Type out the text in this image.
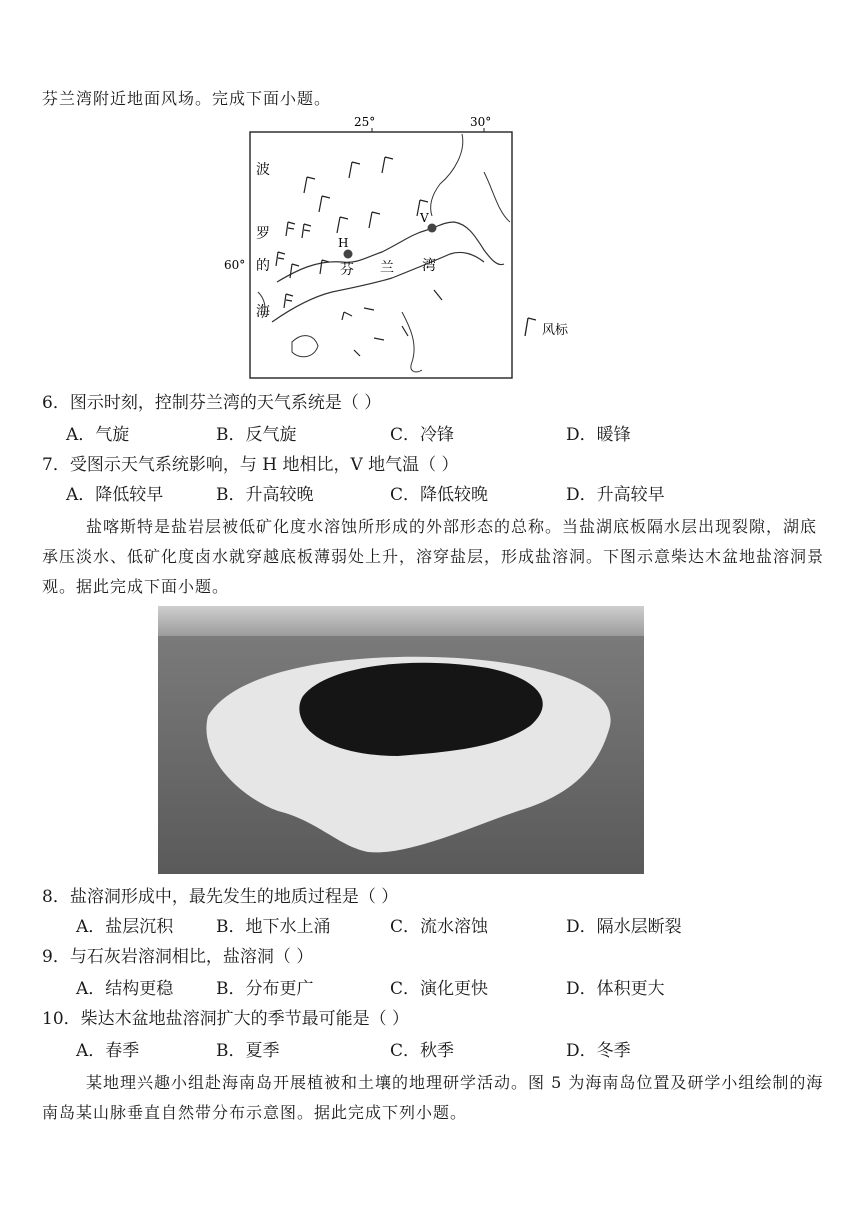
芬兰湾附近地面风场。完成下面小题。
H
V
25°	30°
60°
波
罗
的
海
芬 兰 湾
风标
6．图示时刻，控制芬兰湾的天气系统是（ ）
A．气旋	B．反气旋	C．冷锋	D．暖锋
7．受图示天气系统影响，与 H 地相比，V 地气温（ ）
A．降低较早	B．升高较晚	C．降低较晚	D．升高较早
盐喀斯特是盐岩层被低矿化度水溶蚀所形成的外部形态的总称。当盐湖底板隔水层出现裂隙，湖底承压淡水、低矿化度卤水就穿越底板薄弱处上升，溶穿盐层，形成盐溶洞。下图示意柴达木盆地盐溶洞景观。据此完成下面小题。
8．盐溶洞形成中，最先发生的地质过程是（ ）
A．盐层沉积	B．地下水上涌	C．流水溶蚀	D．隔水层断裂
9．与石灰岩溶洞相比，盐溶洞（ ）
A．结构更稳	B．分布更广	C．演化更快	D．体积更大
10．柴达木盆地盐溶洞扩大的季节最可能是（ ）
A．春季	B．夏季	C．秋季	D．冬季
某地理兴趣小组赴海南岛开展植被和土壤的地理研学活动。图 5 为海南岛位置及研学小组绘制的海南岛某山脉垂直自然带分布示意图。据此完成下列小题。
